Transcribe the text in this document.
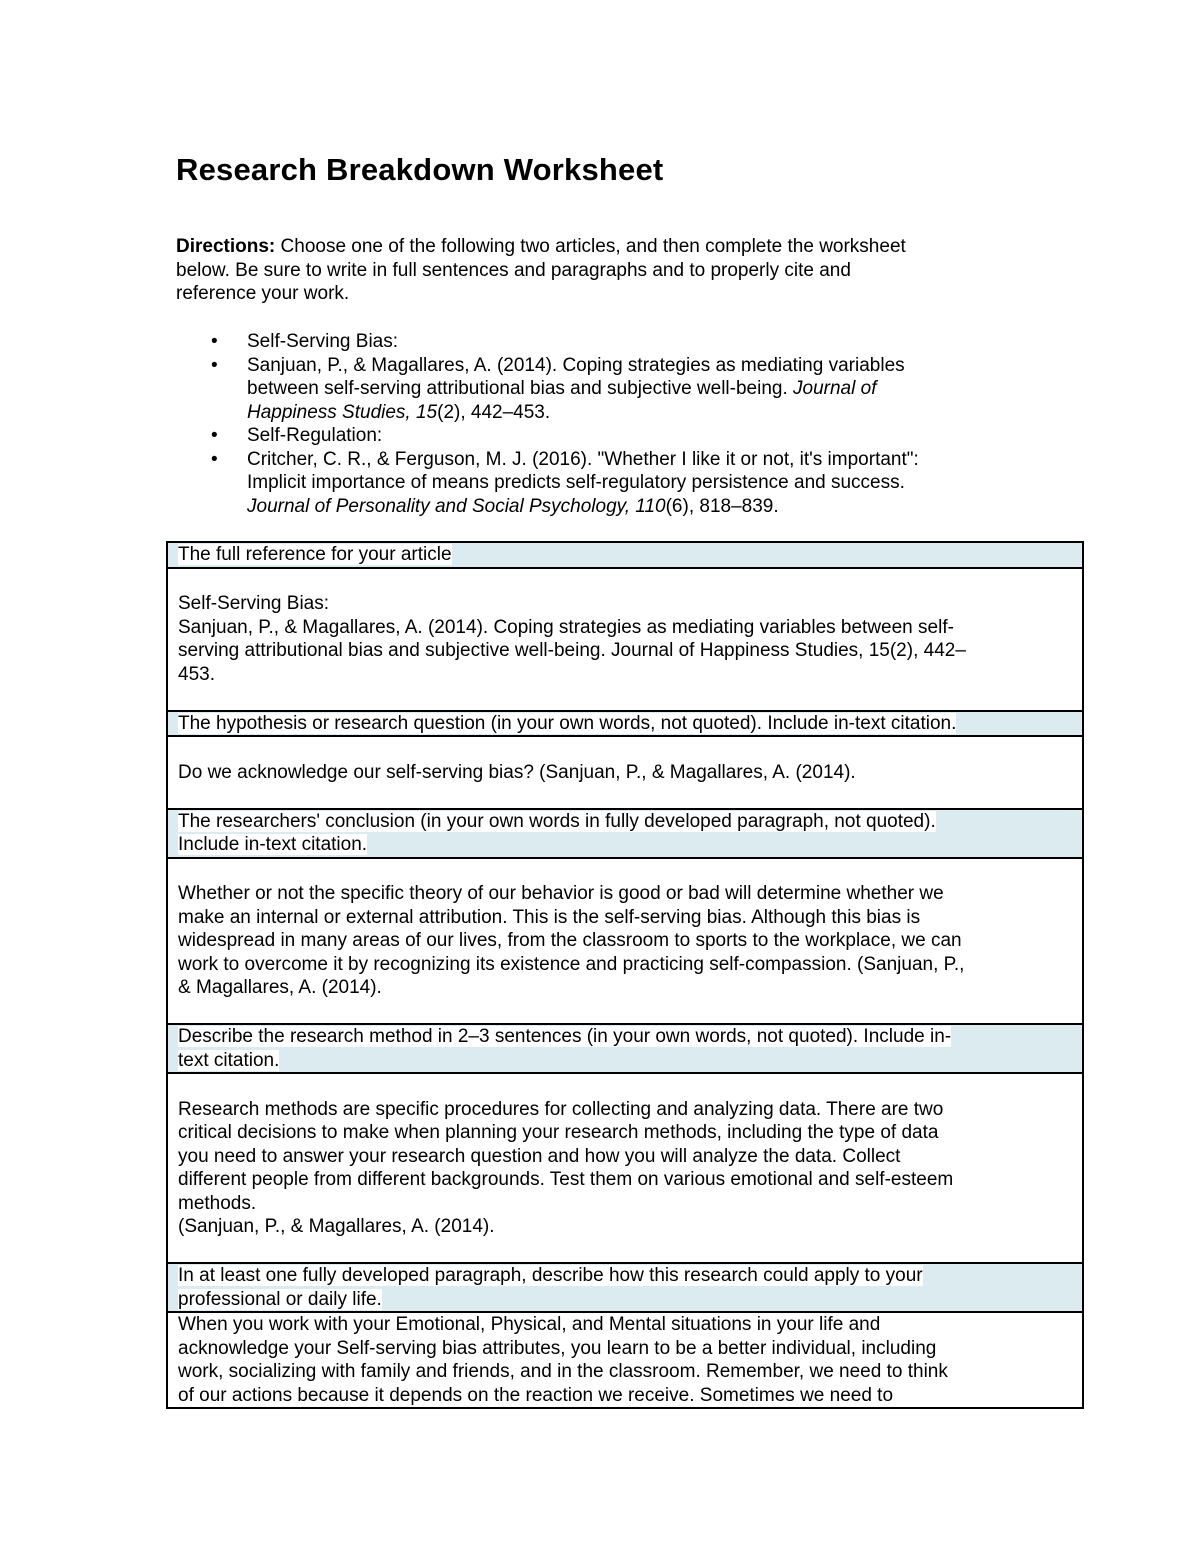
Research Breakdown Worksheet
Directions: Choose one of the following two articles, and then complete the worksheet
below. Be sure to write in full sentences and paragraphs and to properly cite and
reference your work.
• Self-Serving Bias:
• Sanjuan, P., & Magallares, A. (2014). Coping strategies as mediating variables
between self-serving attributional bias and subjective well-being. Journal of
Happiness Studies, 15(2), 442–453.
• Self-Regulation:
• Critcher, C. R., & Ferguson, M. J. (2016). "Whether I like it or not, it's important":
Implicit importance of means predicts self-regulatory persistence and success.
Journal of Personality and Social Psychology, 110(6), 818–839.
The full reference for your article
Self-Serving Bias:
Sanjuan, P., & Magallares, A. (2014). Coping strategies as mediating variables between self-
serving attributional bias and subjective well-being. Journal of Happiness Studies, 15(2), 442–
453.
The hypothesis or research question (in your own words, not quoted). Include in-text citation.
Do we acknowledge our self-serving bias? (Sanjuan, P., & Magallares, A. (2014).
The researchers' conclusion (in your own words in fully developed paragraph, not quoted).
Include in-text citation.
Whether or not the specific theory of our behavior is good or bad will determine whether we
make an internal or external attribution. This is the self-serving bias. Although this bias is
widespread in many areas of our lives, from the classroom to sports to the workplace, we can
work to overcome it by recognizing its existence and practicing self-compassion. (Sanjuan, P.,
& Magallares, A. (2014).
Describe the research method in 2–3 sentences (in your own words, not quoted). Include in-
text citation.
Research methods are specific procedures for collecting and analyzing data. There are two
critical decisions to make when planning your research methods, including the type of data
you need to answer your research question and how you will analyze the data. Collect
different people from different backgrounds. Test them on various emotional and self-esteem
methods.
(Sanjuan, P., & Magallares, A. (2014).
In at least one fully developed paragraph, describe how this research could apply to your
professional or daily life.
When you work with your Emotional, Physical, and Mental situations in your life and
acknowledge your Self-serving bias attributes, you learn to be a better individual, including
work, socializing with family and friends, and in the classroom. Remember, we need to think
of our actions because it depends on the reaction we receive. Sometimes we need to
